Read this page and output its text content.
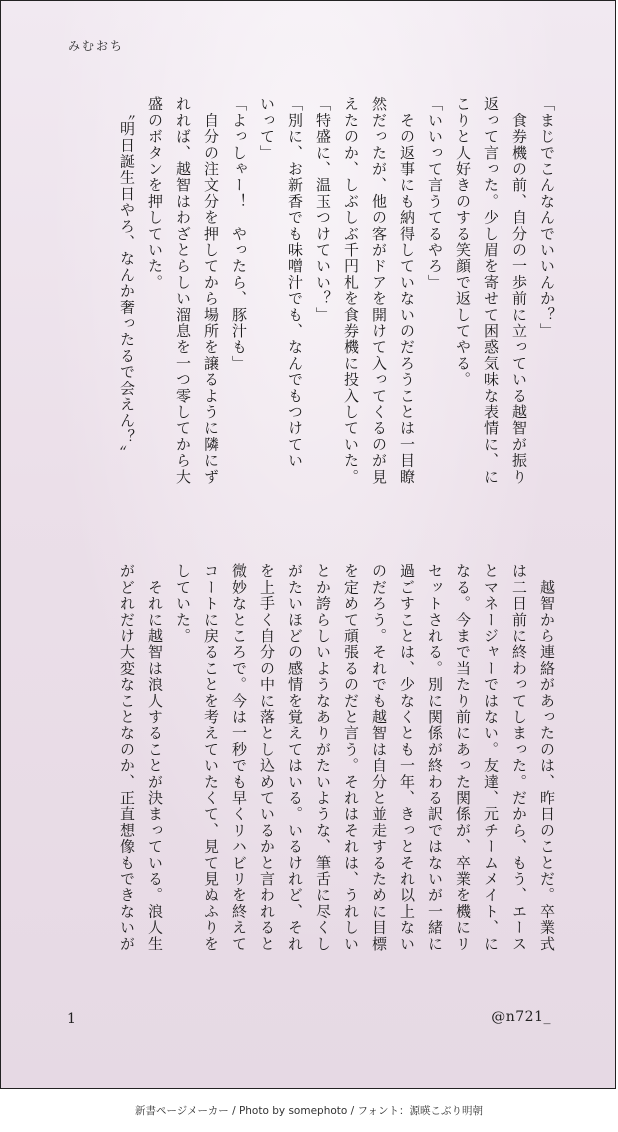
みむおち
「まじでこんなんでいいんか？」
　食券機の前、自分の一歩前に立っている越智が振り
返って言った。少し眉を寄せて困惑気味な表情に、に
こりと人好きのする笑顔で返してやる。
「いいって言うてるやろ」
　その返事にも納得していないのだろうことは一目瞭
然だったが、他の客がドアを開けて入ってくるのが見
えたのか、しぶしぶ千円札を食券機に投入していた。
「特盛に、温玉つけていい？」
「別に、お新香でも味噌汁でも、なんでもつけてい
いって」
「よっしゃー！　やったら、豚汁も」
　自分の注文分を押してから場所を譲るように隣にず
れれば、越智はわざとらしい溜息を一つ零してから大
盛のボタンを押していた。
　〝明日誕生日やろ、なんか奢ったるで会えん？〟
　越智から連絡があったのは、昨日のことだ。卒業式
は二日前に終わってしまった。だから、もう、エース
とマネージャーではない。友達、元チームメイト、に
なる。今まで当たり前にあった関係が、卒業を機にリ
セットされる。別に関係が終わる訳ではないが一緒に
過ごすことは、少なくとも一年、きっとそれ以上ない
のだろう。それでも越智は自分と並走するために目標
を定めて頑張るのだと言う。それはそれは、うれしい
とか誇らしいようなありがたいような、筆舌に尽くし
がたいほどの感情を覚えてはいる。いるけれど、それ
を上手く自分の中に落とし込めているかと言われると
微妙なところで。今は一秒でも早くリハビリを終えて
コートに戻ることを考えていたくて、見て見ぬふりを
していた。
　それに越智は浪人することが決まっている。浪人生
がどれだけ大変なことなのか、正直想像もできないが
1	@n721_
新書ページメーカー / Photo by somephoto / フォント：源暎こぶり明朝
